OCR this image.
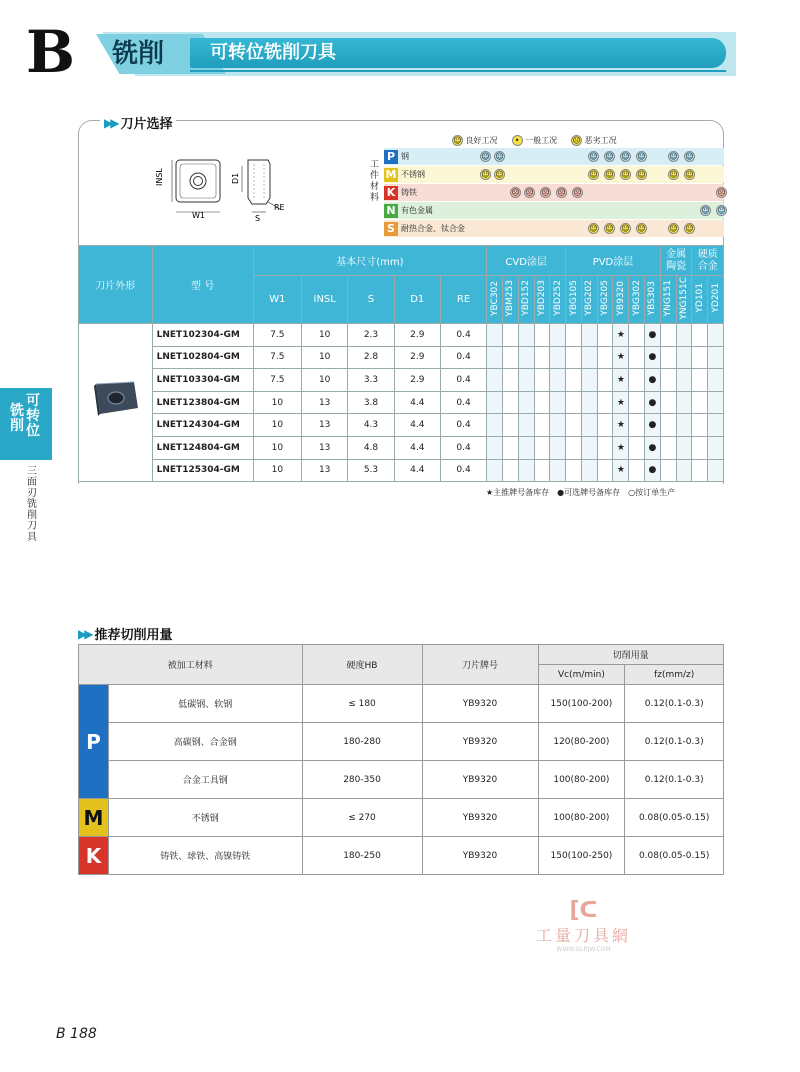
B 铣削	可转位铣削刀具
可转位
铣削
三面刃铣削刀具
▶▶ 刀片选择
INSL
W1
D1
S
RE
☺ 良好工况	• 一般工况 ☹ 恶劣工况
工件材料
P 钢	☺ ☺	☺ ☺ ☺ ☺	☺ ☺
M 不锈钢	☺ ☺	☺ ☺ ☺ ☺	☺ ☺
K 铸铁	☹ ☹ ☹ ☹ ☹	☹
N 有色金属	☺ ☺
S 耐热合金、钛合金	☺ ☺ ☺ ☺	☺ ☺
刀片外形	型 号	基本尺寸(mm)					CVD涂层					PVD涂层						金属陶瓷		硬质合金	
		W1	INSL	S	D1	RE	YBC302	YBM253	YBD152	YBD203	YBD252	YBG105	YBG202	YBG205	YB9320	YBG302	YBS303	YNG151	YNG151C	YD101	YD201
	LNET102304-GM	7.5	10	2.3	2.9	0.4									★		●				
	LNET102804-GM	7.5	10	2.8	2.9	0.4									★		●				
	LNET103304-GM	7.5	10	3.3	2.9	0.4									★		●				
	LNET123804-GM	10	13	3.8	4.4	0.4									★		●				
	LNET124304-GM	10	13	4.3	4.4	0.4									★		●				
	LNET124804-GM	10	13	4.8	4.4	0.4									★		●				
	LNET125304-GM	10	13	5.3	4.4	0.4									★		●				
★主推牌号备库存　●可选牌号备库存　○按订单生产
▶▶ 推荐切削用量
被加工材料		硬度HB	刀片牌号	切削用量	
				Vc(m/min)	fz(mm/z)
P	低碳钢、软钢	≤ 180	YB9320	150(100-200)	0.12(0.1-0.3)
	高碳钢、合金钢	180-280	YB9320	120(80-200)	0.12(0.1-0.3)
	合金工具钢	280-350	YB9320	100(80-200)	0.12(0.1-0.3)
M	不锈钢	≤ 270	YB9320	100(80-200)	0.08(0.05-0.15)
K	铸铁、球铁、高镍铸铁	180-250	YB9320	150(100-250)	0.08(0.05-0.15)
[ᑕ
工量刀具網
WWW.GLRJW.COM
B 188
